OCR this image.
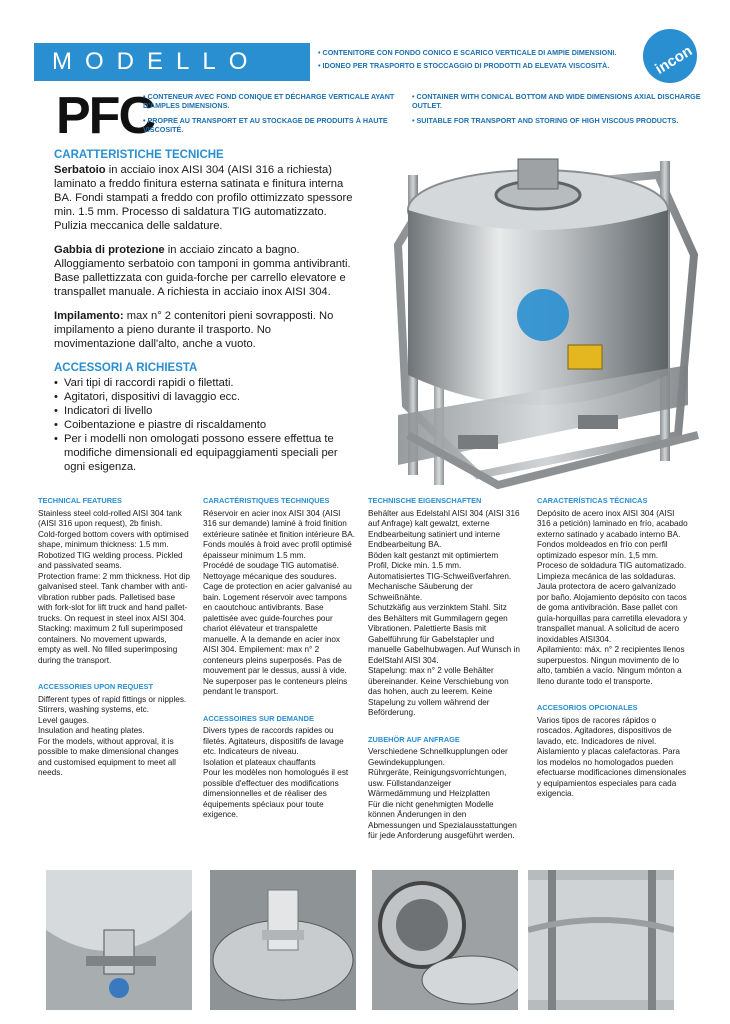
MODELLO	• CONTENITORE CON FONDO CONICO E SCARICO VERTICALE DI AMPIE DIMENSIONI.
• IDONEO PER TRASPORTO E STOCCAGGIO DI PRODOTTI AD ELEVATA VISCOSITÀ.	incon
PFC

• CONTENEUR AVEC FOND CONIQUE ET DÉCHARGE VERTICALE AYANT D'AMPLES DIMENSIONS.

• PROPRE AU TRANSPORT ET AU STOCKAGE DE PRODUITS À HAUTE VISCOSITÉ.

• CONTAINER WITH CONICAL BOTTOM AND WIDE DIMENSIONS AXIAL DISCHARGE OUTLET.

• SUITABLE FOR TRANSPORT AND STORING OF HIGH VISCOUS PRODUCTS.

CARATTERISTICHE TECNICHE

Serbatoio in acciaio inox AISI 304 (AISI 316 a richiesta) laminato a freddo finitura esterna satinata e finitura interna BA. Fondi stampati a freddo con profilo ottimizzato spessore min. 1.5 mm. Processo di saldatura TIG automatizzato. Pulizia meccanica delle saldature.

Gabbia di protezione in acciaio zincato a bagno. Alloggiamento serbatoio con tamponi in gomma antivibranti. Base pallettizzata con guida-forche per carrello elevatore e transpallet manuale. A richiesta in acciaio inox AISI 304.

Impilamento: max n° 2 contenitori pieni sovrapposti. No impilamento a pieno durante il trasporto. No movimentazione dall'alto, anche a vuoto.

ACCESSORI A RICHIESTA
• Vari tipi di raccordi rapidi o filettati.
• Agitatori, dispositivi di lavaggio ecc.
• Indicatori di livello
• Coibentazione e piastre di riscaldamento
• Per i modelli non omologati possono essere effettua te modifiche dimensionali ed equipaggiamenti speciali per ogni esigenza.
TECHNICAL FEATURES
Stainless steel cold-rolled AISI 304 tank (AISI 316 upon request), 2b finish.
Cold-forged bottom covers with optimised shape, minimum thickness: 1.5 mm.
Robotized TIG welding process. Pickled and passivated seams.
Protection frame: 2 mm thickness. Hot dip galvanised steel. Tank chamber with anti-vibration rubber pads. Palletised base with fork-slot for lift truck and hand pallet-trucks. On request in steel inox AISI 304.
Stacking: maximum 2 full superimposed containers. No movement upwards, empty as well. No filled superimposing during the transport.
ACCESSORIES UPON REQUEST
Different types of rapid fittings or nipples.
Stirrers, washing systems, etc.
Level gauges.
Insulation and heating plates.
For the models, without approval, it is possible to make dimensional changes and customised equipment to meet all needs.
CARACTÉRISTIQUES TECHNIQUES
Réservoir en acier inox AISI 304 (AISI 316 sur demande) laminé à froid finition extérieure satinée et finition intérieure BA.
Fonds moulés à froid avec profil optimisé épaisseur minimum 1.5 mm.
Procédé de soudage TIG automatisé. Nettoyage mécanique des soudures.
Cage de protection en acier galvanisé au bain. Logement réservoir avec tampons en caoutchouc antivibrants. Base palettisée avec guide-fourches pour chariot élévateur et transpalette manuelle. À la demande en acier inox AISI 304. Empilement: max n° 2 conteneurs pleins superposés. Pas de mouvement par le dessus, aussi à vide. Ne superposer pas le conteneurs pleins pendant le transport.
ACCESSOIRES SUR DEMANDE
Divers types de raccords rapides ou filetés. Agitateurs, dispositifs de lavage etc. Indicateurs de niveau.
Isolation et plateaux chauffants
Pour les modèles non homologués il est possible d'effectuer des modifications dimensionnelles et de réaliser des équipements spéciaux pour toute exigence.
TECHNISCHE EIGENSCHAFTEN
Behälter aus Edelstahl AISI 304 (AISI 316 auf Anfrage) kalt gewalzt, externe Endbearbeitung satiniert und interne Endbearbeitung BA.
Böden kalt gestanzt mit optimiertem Profil, Dicke min. 1.5 mm.
Automatisiertes TIG-Schweißverfahren. Mechanische Säuberung der Schweißnähte.
Schutzkäfig aus verzinktem Stahl. Sitz des Behälters mit Gummilagern gegen Vibrationen. Palettierte Basis mit Gabelführung für Gabelstapler und manuelle Gabelhubwagen. Auf Wunsch in EdelStahl AISI 304.
Stapelung: max n° 2 volle Behälter übereinander. Keine Verschiebung von das hohen, auch zu leerem. Keine Stapelung zu vollem während der Beförderung.
ZUBEHÖR AUF ANFRAGE
Verschiedene Schnellkupplungen oder Gewindekupplungen.
Rührgeräte, Reinigungsvorrichtungen, usw. Füllstandanzeiger
Wärmedämmung und Heizplatten
Für die nicht genehmigten Modelle können Änderungen in den Abmessungen und Spezialausstattungen für jede Anforderung ausgeführt werden.
CARACTERÍSTICAS TÉCNICAS
Depósito de acero inox AISI 304 (AISI 316 a petición) laminado en frío, acabado externo satinado y acabado interno BA.
Fondos moldeados en frío con perfil optimizado espesor mín. 1,5 mm.
Proceso de soldadura TIG automatizado.
Limpieza mecánica de las soldaduras.
Jaula protectora de acero galvanizado por baño. Alojamiento depósito con tacos de goma antivibración. Base pallet con guía-horquillas para carretilla elevadora y transpallet manual. A solicitud de acero inoxidables AISI304.
Apilamiento: máx. n° 2 recipientes llenos superpuestos. Ningun movimento de lo alto, también a vacío. Ningum mónton a lleno durante todo el transporte.
ACCESORIOS OPCIONALES
Varios tipos de racores rápidos o roscados. Agitadores, dispositivos de lavado, etc. Indicadores de nivel. Aislamiento y placas calefactoras. Para los modelos no homologados pueden efectuarse modificaciones dimensionales y equipamientos especiales para cada exigencia.
